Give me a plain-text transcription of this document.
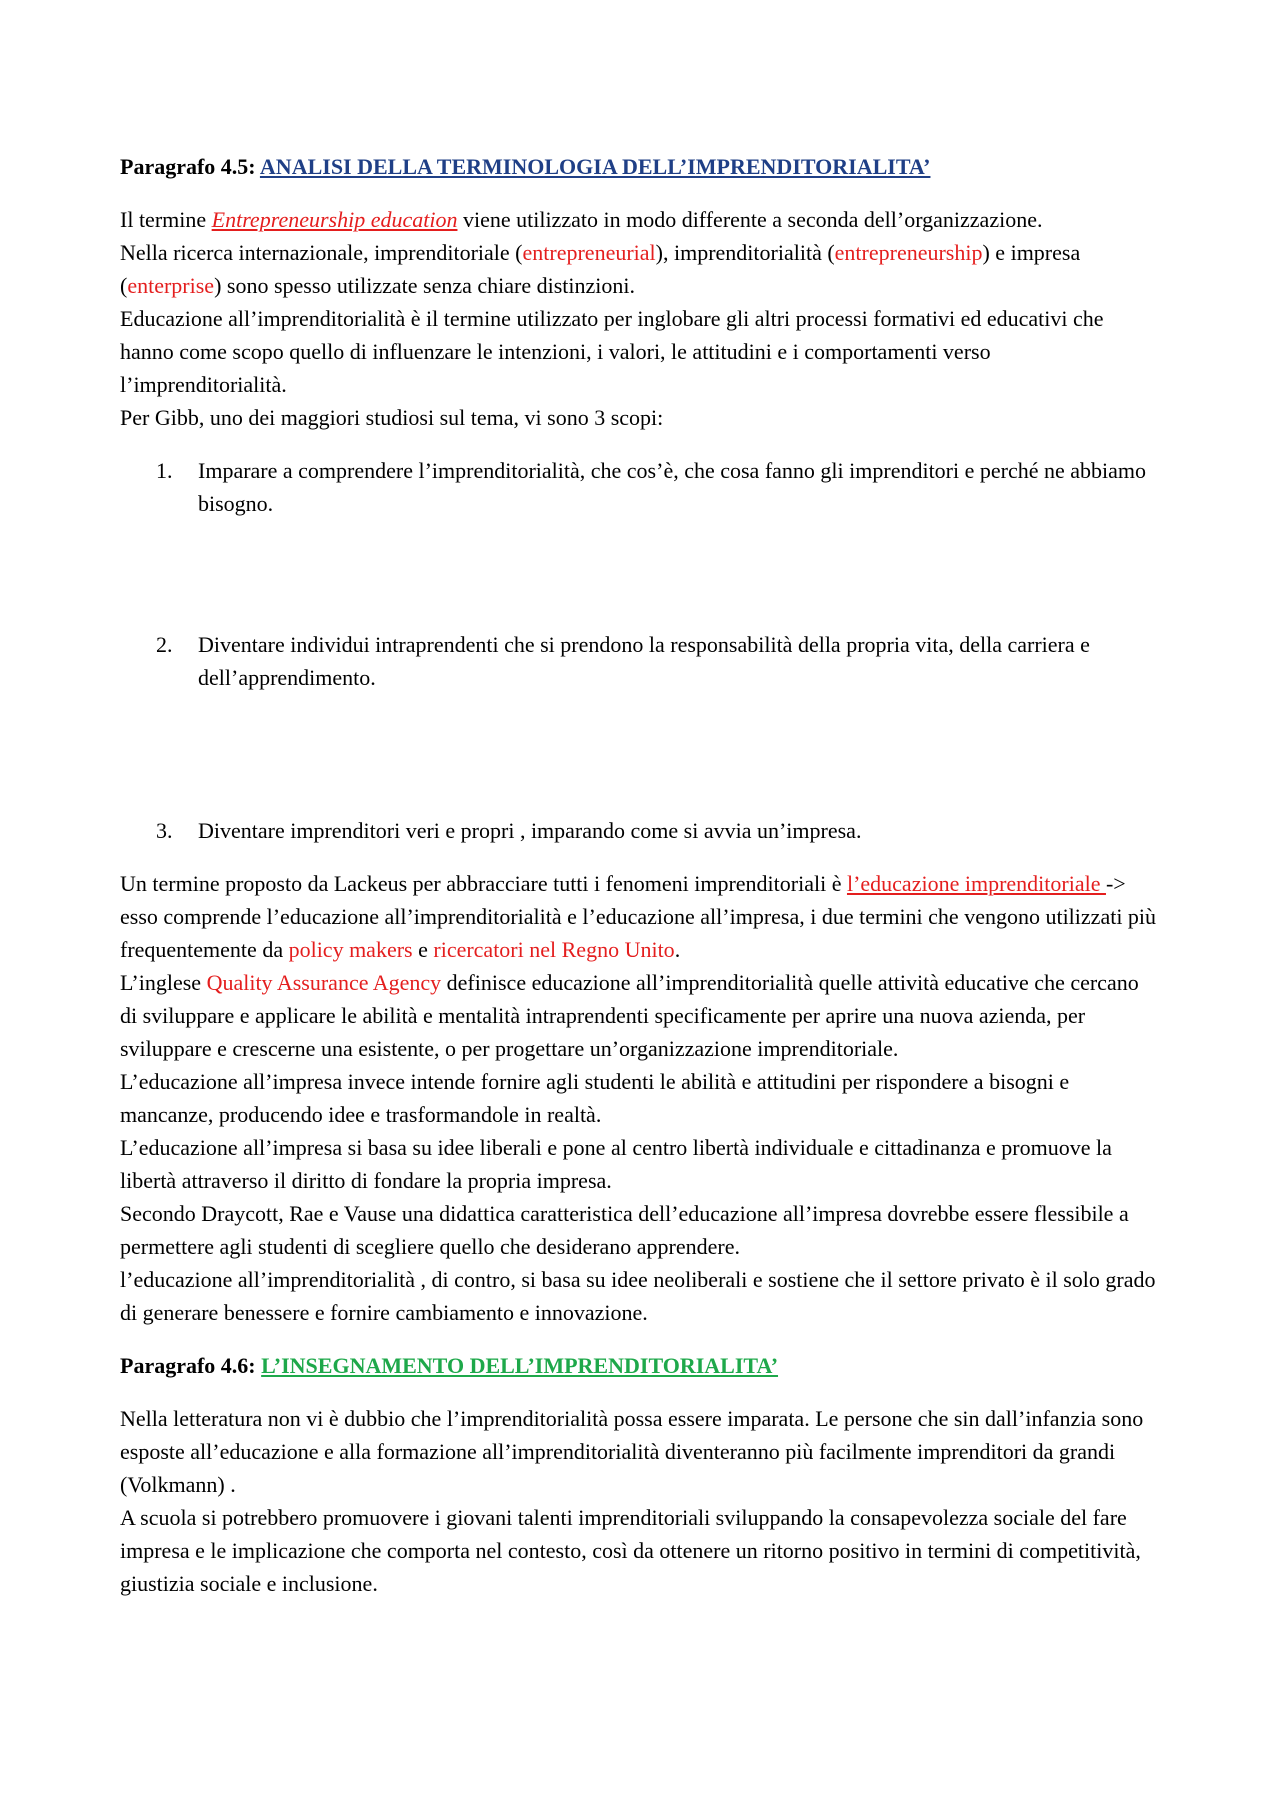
Paragrafo 4.5: ANALISI DELLA TERMINOLOGIA DELL’IMPRENDITORIALITA’

Il termine Entrepreneurship education viene utilizzato in modo differente a seconda dell’organizzazione.

Nella ricerca internazionale, imprenditoriale (entrepreneurial), imprenditorialità (entrepreneurship) e impresa (enterprise) sono spesso utilizzate senza chiare distinzioni.

Educazione all’imprenditorialità è il termine utilizzato per inglobare gli altri processi formativi ed educativi che hanno come scopo quello di influenzare le intenzioni, i valori, le attitudini e i comportamenti verso l’imprenditorialità.

Per Gibb, uno dei maggiori studiosi sul tema, vi sono 3 scopi:

1. Imparare a comprendere l’imprenditorialità, che cos’è, che cosa fanno gli imprenditori e perché ne abbiamo bisogno.
2. Diventare individui intraprendenti che si prendono la responsabilità della propria vita, della carriera e dell’apprendimento.
3. Diventare imprenditori veri e propri , imparando come si avvia un’impresa.

Un termine proposto da Lackeus per abbracciare tutti i fenomeni imprenditoriali è l’educazione imprenditoriale -> esso comprende l’educazione all’imprenditorialità e l’educazione all’impresa, i due termini che vengono utilizzati più frequentemente da policy makers e ricercatori nel Regno Unito.

L’inglese Quality Assurance Agency definisce educazione all’imprenditorialità quelle attività educative che cercano di sviluppare e applicare le abilità e mentalità intraprendenti specificamente per aprire una nuova azienda, per sviluppare e crescerne una esistente, o per progettare un’organizzazione imprenditoriale.

L’educazione all’impresa invece intende fornire agli studenti le abilità e attitudini per rispondere a bisogni e mancanze, producendo idee e trasformandole in realtà.

L’educazione all’impresa si basa su idee liberali e pone al centro libertà individuale e cittadinanza e promuove la libertà attraverso il diritto di fondare la propria impresa.

Secondo Draycott, Rae e Vause una didattica caratteristica dell’educazione all’impresa dovrebbe essere flessibile a permettere agli studenti di scegliere quello che desiderano apprendere.

l’educazione all’imprenditorialità , di contro, si basa su idee neoliberali e sostiene che il settore privato è il solo grado di generare benessere e fornire cambiamento e innovazione.

Paragrafo 4.6: L’INSEGNAMENTO DELL’IMPRENDITORIALITA’

Nella letteratura non vi è dubbio che l’imprenditorialità possa essere imparata. Le persone che sin dall’infanzia sono esposte all’educazione e alla formazione all’imprenditorialità diventeranno più facilmente imprenditori da grandi (Volkmann) .

A scuola si potrebbero promuovere i giovani talenti imprenditoriali sviluppando la consapevolezza sociale del fare impresa e le implicazione che comporta nel contesto, così da ottenere un ritorno positivo in termini di competitività, giustizia sociale e inclusione.
